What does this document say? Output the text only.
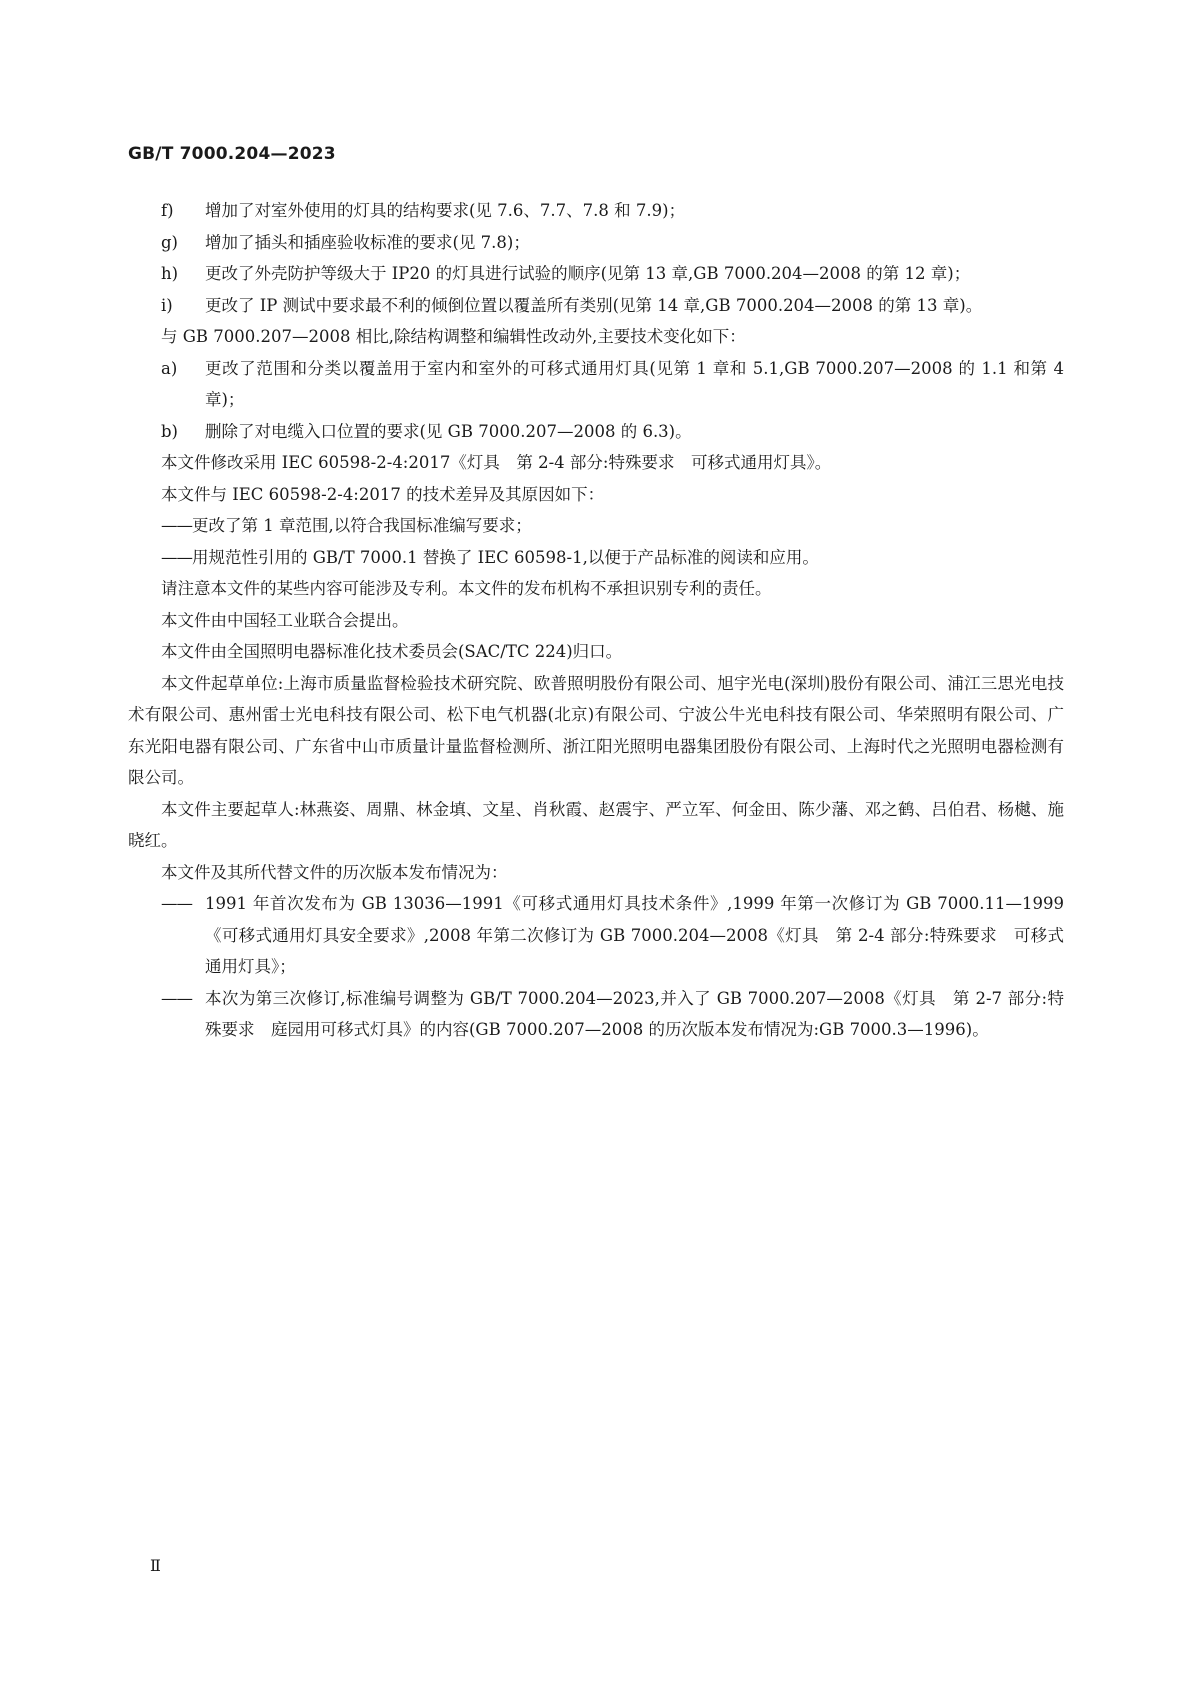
GB/T 7000.204—2023
f)	增加了对室外使用的灯具的结构要求(见 7.6、7.7、7.8 和 7.9)；
g)	增加了插头和插座验收标准的要求(见 7.8)；
h)	更改了外壳防护等级大于 IP20 的灯具进行试验的顺序(见第 13 章,GB 7000.204—2008 的第 12 章)；
i)	更改了 IP 测试中要求最不利的倾倒位置以覆盖所有类别(见第 14 章,GB 7000.204—2008 的第 13 章)。

与 GB 7000.207—2008 相比,除结构调整和编辑性改动外,主要技术变化如下：

a)	更改了范围和分类以覆盖用于室内和室外的可移式通用灯具(见第 1 章和 5.1,GB 7000.207—2008 的 1.1 和第 4 章)；
b)	删除了对电缆入口位置的要求(见 GB 7000.207—2008 的 6.3)。

本文件修改采用 IEC 60598-2-4:2017《灯具　第 2-4 部分:特殊要求　可移式通用灯具》。

本文件与 IEC 60598-2-4:2017 的技术差异及其原因如下：

—— 更改了第 1 章范围,以符合我国标准编写要求；
—— 用规范性引用的 GB/T 7000.1 替换了 IEC 60598-1,以便于产品标准的阅读和应用。

请注意本文件的某些内容可能涉及专利。本文件的发布机构不承担识别专利的责任。

本文件由中国轻工业联合会提出。

本文件由全国照明电器标准化技术委员会(SAC/TC 224)归口。

本文件起草单位:上海市质量监督检验技术研究院、欧普照明股份有限公司、旭宇光电(深圳)股份有限公司、浦江三思光电技术有限公司、惠州雷士光电科技有限公司、松下电气机器(北京)有限公司、宁波公牛光电科技有限公司、华荣照明有限公司、广东光阳电器有限公司、广东省中山市质量计量监督检测所、浙江阳光照明电器集团股份有限公司、上海时代之光照明电器检测有限公司。

本文件主要起草人:林燕姿、周鼎、林金填、文星、肖秋霞、赵震宇、严立军、何金田、陈少藩、邓之鹤、吕伯君、杨樾、施晓红。

本文件及其所代替文件的历次版本发布情况为：

—— 1991 年首次发布为 GB 13036—1991《可移式通用灯具技术条件》,1999 年第一次修订为 GB 7000.11—1999《可移式通用灯具安全要求》,2008 年第二次修订为 GB 7000.204—2008《灯具　第 2-4 部分:特殊要求　可移式通用灯具》；
—— 本次为第三次修订,标准编号调整为 GB/T 7000.204—2023,并入了 GB 7000.207—2008《灯具　第 2-7 部分:特殊要求　庭园用可移式灯具》的内容(GB 7000.207—2008 的历次版本发布情况为:GB 7000.3—1996)。
Ⅱ
